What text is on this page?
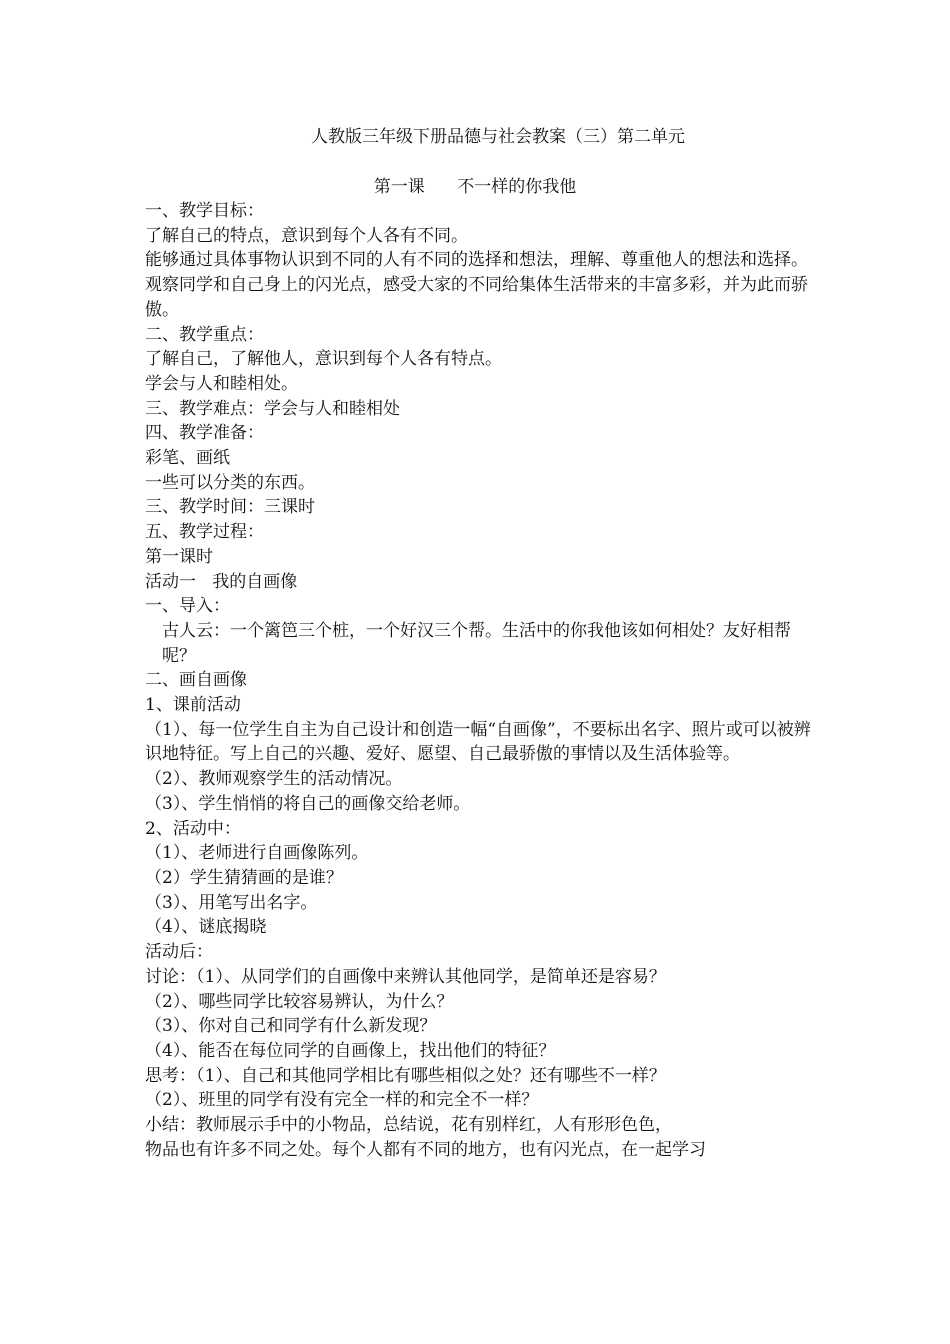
人教版三年级下册品德与社会教案（三）第二单元
第一课      不一样的你我他

一、教学目标：

了解自己的特点，意识到每个人各有不同。

能够通过具体事物认识到不同的人有不同的选择和想法，理解、尊重他人的想法和选择。

观察同学和自己身上的闪光点，感受大家的不同给集体生活带来的丰富多彩，并为此而骄傲。

二、教学重点：

了解自己，了解他人，意识到每个人各有特点。

学会与人和睦相处。

三、教学难点：学会与人和睦相处

四、教学准备：

彩笔、画纸

一些可以分类的东西。

三、教学时间：三课时

五、教学过程：

第一课时

活动一   我的自画像

一、导入：

古人云：一个篱笆三个桩，一个好汉三个帮。生活中的你我他该如何相处？友好相帮呢？

二、画自画像

1、课前活动

（1）、每一位学生自主为自己设计和创造一幅“自画像”，不要标出名字、照片或可以被辨识地特征。写上自己的兴趣、爱好、愿望、自己最骄傲的事情以及生活体验等。

（2）、教师观察学生的活动情况。

（3）、学生悄悄的将自己的画像交给老师。

2、活动中：

（1）、老师进行自画像陈列。

（2）学生猜猜画的是谁？

（3）、用笔写出名字。

（4）、谜底揭晓

活动后：

讨论：（1）、从同学们的自画像中来辨认其他同学，是简单还是容易？

（2）、哪些同学比较容易辨认，为什么？

（3）、你对自己和同学有什么新发现？

（4）、能否在每位同学的自画像上，找出他们的特征？

思考：（1）、自己和其他同学相比有哪些相似之处？还有哪些不一样？

（2）、班里的同学有没有完全一样的和完全不一样？

小结：教师展示手中的小物品，总结说，花有别样红，人有形形色色，

物品也有许多不同之处。每个人都有不同的地方，也有闪光点，在一起学习
